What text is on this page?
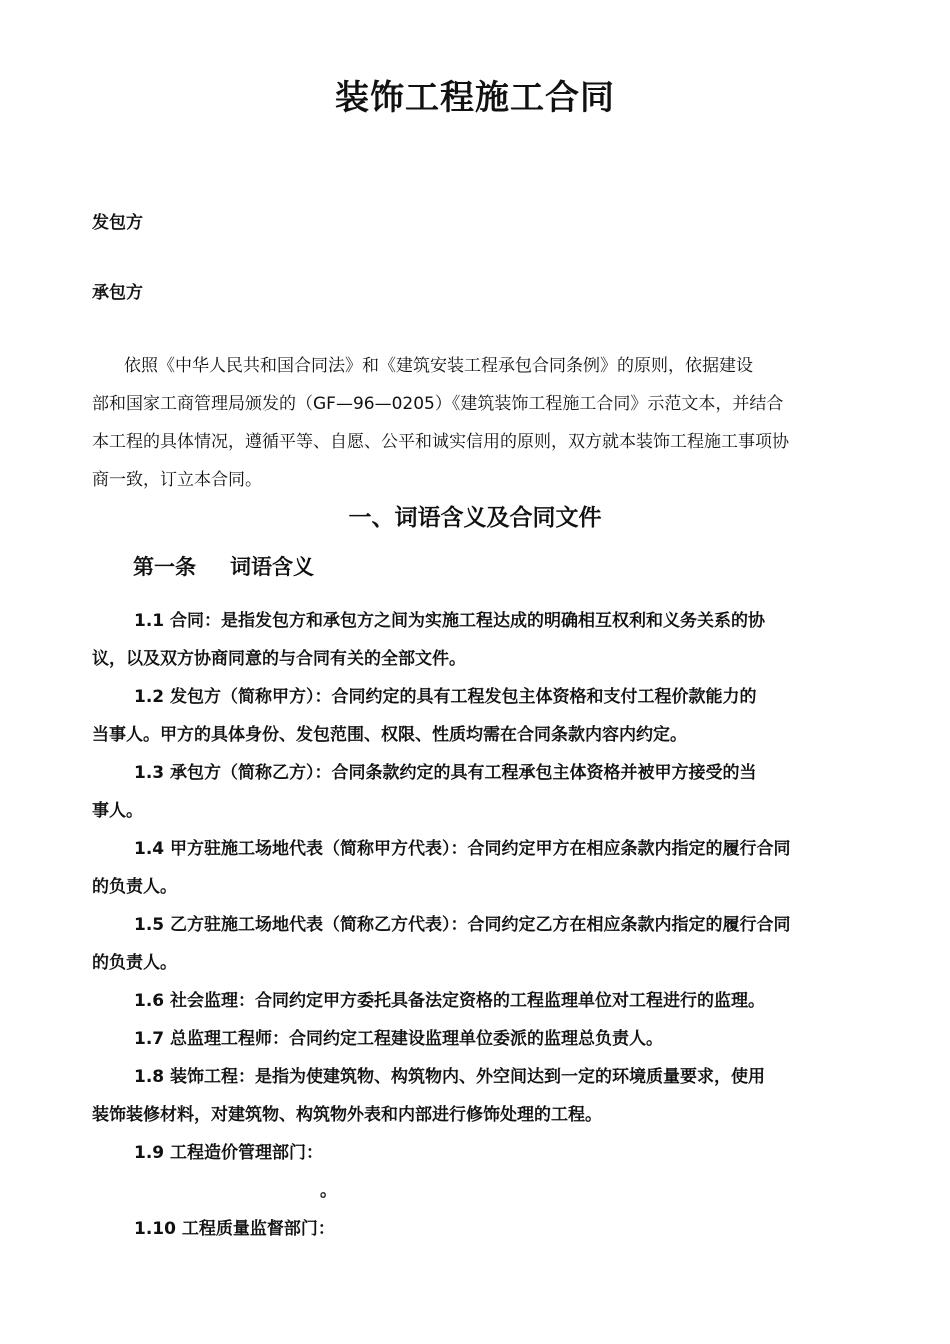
装饰工程施工合同
发包方
承包方
依照《中华人民共和国合同法》和《建筑安装工程承包合同条例》的原则，依据建设
部和国家工商管理局颁发的（GF—96—0205）《建筑装饰工程施工合同》示范文本，并结合
本工程的具体情况，遵循平等、自愿、公平和诚实信用的原则，双方就本装饰工程施工事项协
商一致，订立本合同。
一、词语含义及合同文件
第一条 词语含义
1.1 合同：是指发包方和承包方之间为实施工程达成的明确相互权利和义务关系的协
议，以及双方协商同意的与合同有关的全部文件。
1.2 发包方（简称甲方）：合同约定的具有工程发包主体资格和支付工程价款能力的
当事人。甲方的具体身份、发包范围、权限、性质均需在合同条款内容内约定。
1.3 承包方（简称乙方）：合同条款约定的具有工程承包主体资格并被甲方接受的当
事人。
1.4 甲方驻施工场地代表（简称甲方代表）：合同约定甲方在相应条款内指定的履行合同
的负责人。
1.5 乙方驻施工场地代表（简称乙方代表）：合同约定乙方在相应条款内指定的履行合同
的负责人。
1.6 社会监理：合同约定甲方委托具备法定资格的工程监理单位对工程进行的监理。
1.7 总监理工程师：合同约定工程建设监理单位委派的监理总负责人。
1.8 装饰工程：是指为使建筑物、构筑物内、外空间达到一定的环境质量要求，使用
装饰装修材料，对建筑物、构筑物外表和内部进行修饰处理的工程。
1.9 工程造价管理部门：
。
1.10 工程质量监督部门：
